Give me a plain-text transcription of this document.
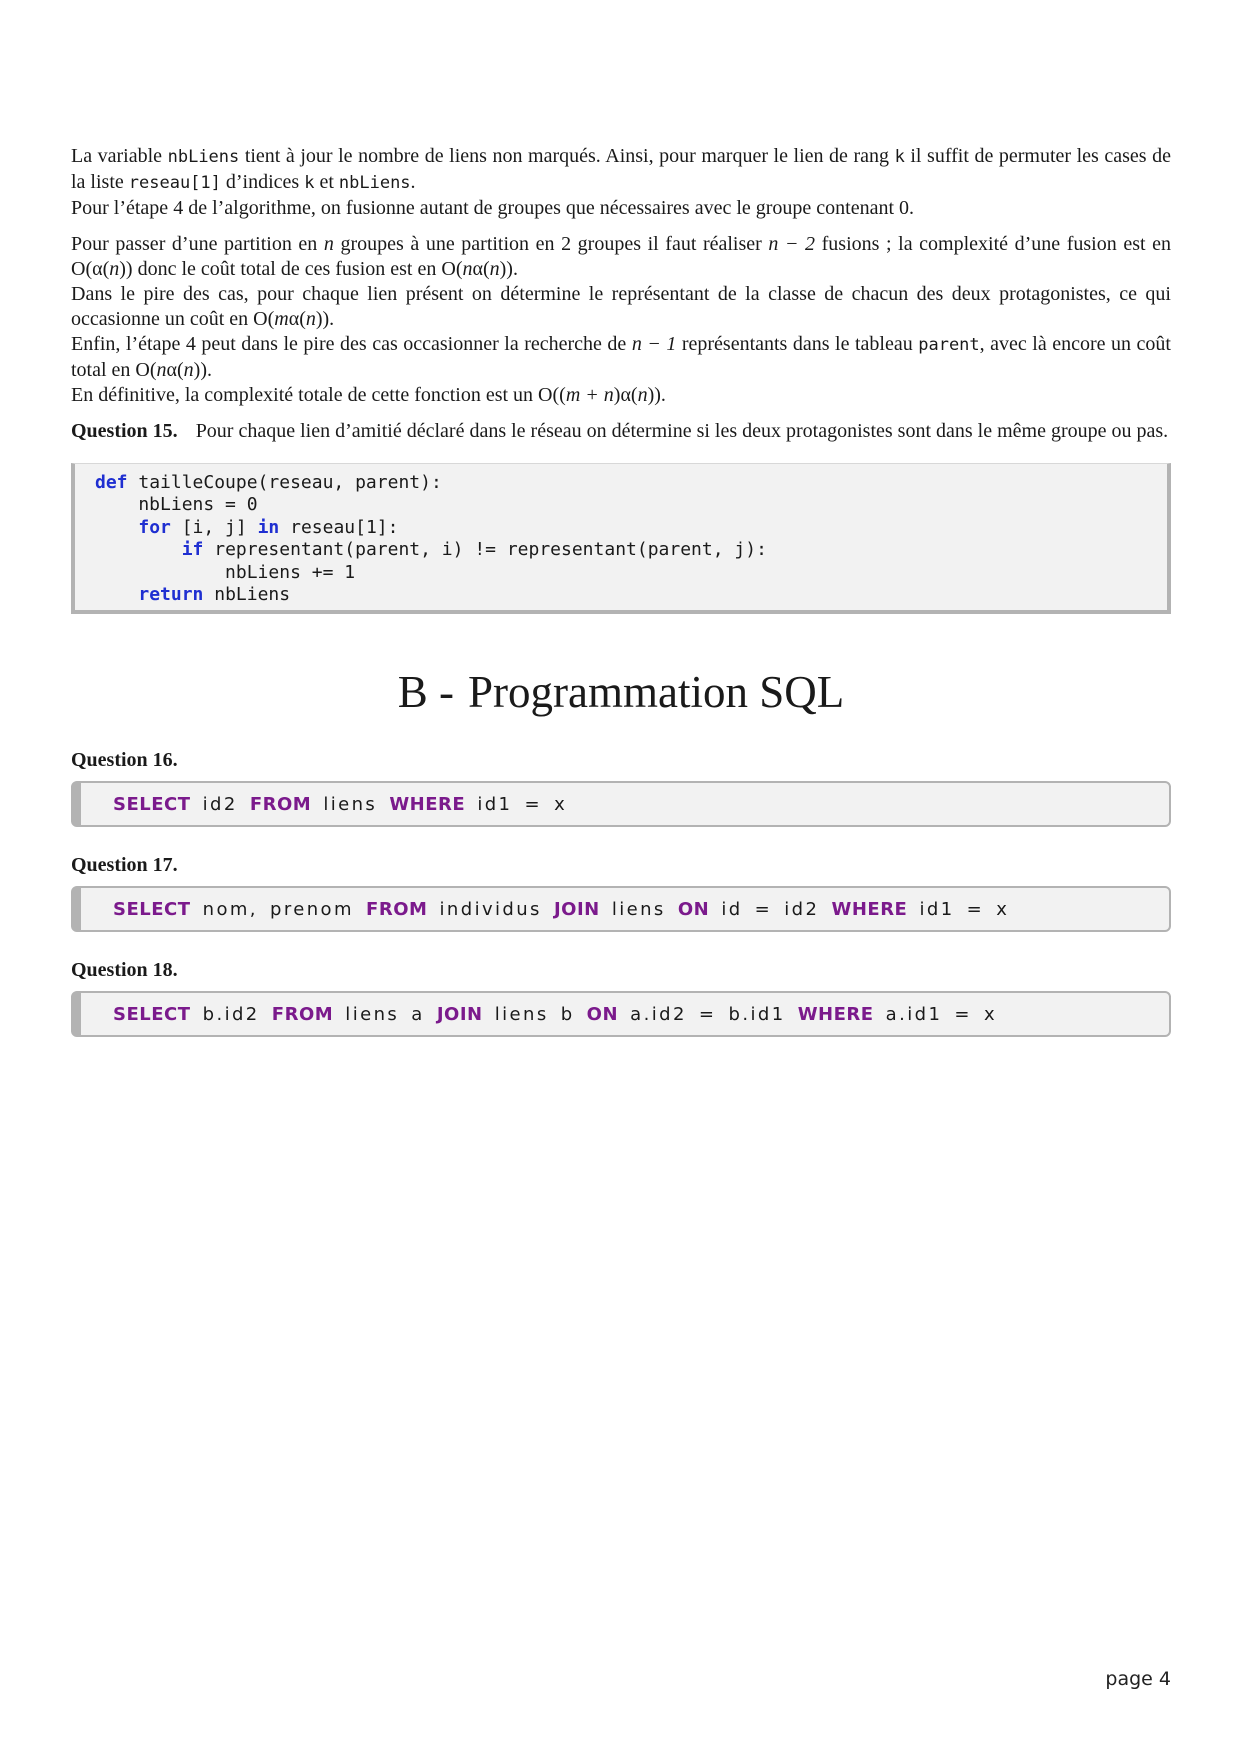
La variable nbLiens tient à jour le nombre de liens non marqués. Ainsi, pour marquer le lien de rang k il suffit de permuter les cases de la liste reseau[1] d’indices k et nbLiens.

Pour l’étape 4 de l’algorithme, on fusionne autant de groupes que nécessaires avec le groupe contenant 0.

Pour passer d’une partition en n groupes à une partition en 2 groupes il faut réaliser n − 2 fusions ; la complexité d’une fusion est en O(α(n)) donc le coût total de ces fusion est en O(nα(n)).

Dans le pire des cas, pour chaque lien présent on détermine le représentant de la classe de chacun des deux protagonistes, ce qui occasionne un coût en O(mα(n)).

Enfin, l’étape 4 peut dans le pire des cas occasionner la recherche de n − 1 représentants dans le tableau parent, avec là encore un coût total en O(nα(n)).

En définitive, la complexité totale de cette fonction est un O((m + n)α(n)).

Question 15. Pour chaque lien d’amitié déclaré dans le réseau on détermine si les deux protagonistes sont dans le même groupe ou pas.

def tailleCoupe(reseau, parent):
nbLiens = 0
for [i, j] in reseau[1]:
if representant(parent, i) != representant(parent, j):
nbLiens += 1
return nbLiens
B - Programmation SQL

Question 16.

SELECT id2 FROM liens WHERE id1 = x

Question 17.

SELECT nom, prenom FROM individus JOIN liens ON id = id2 WHERE id1 = x

Question 18.

SELECT b.id2 FROM liens a JOIN liens b ON a.id2 = b.id1 WHERE a.id1 = x
page 4
